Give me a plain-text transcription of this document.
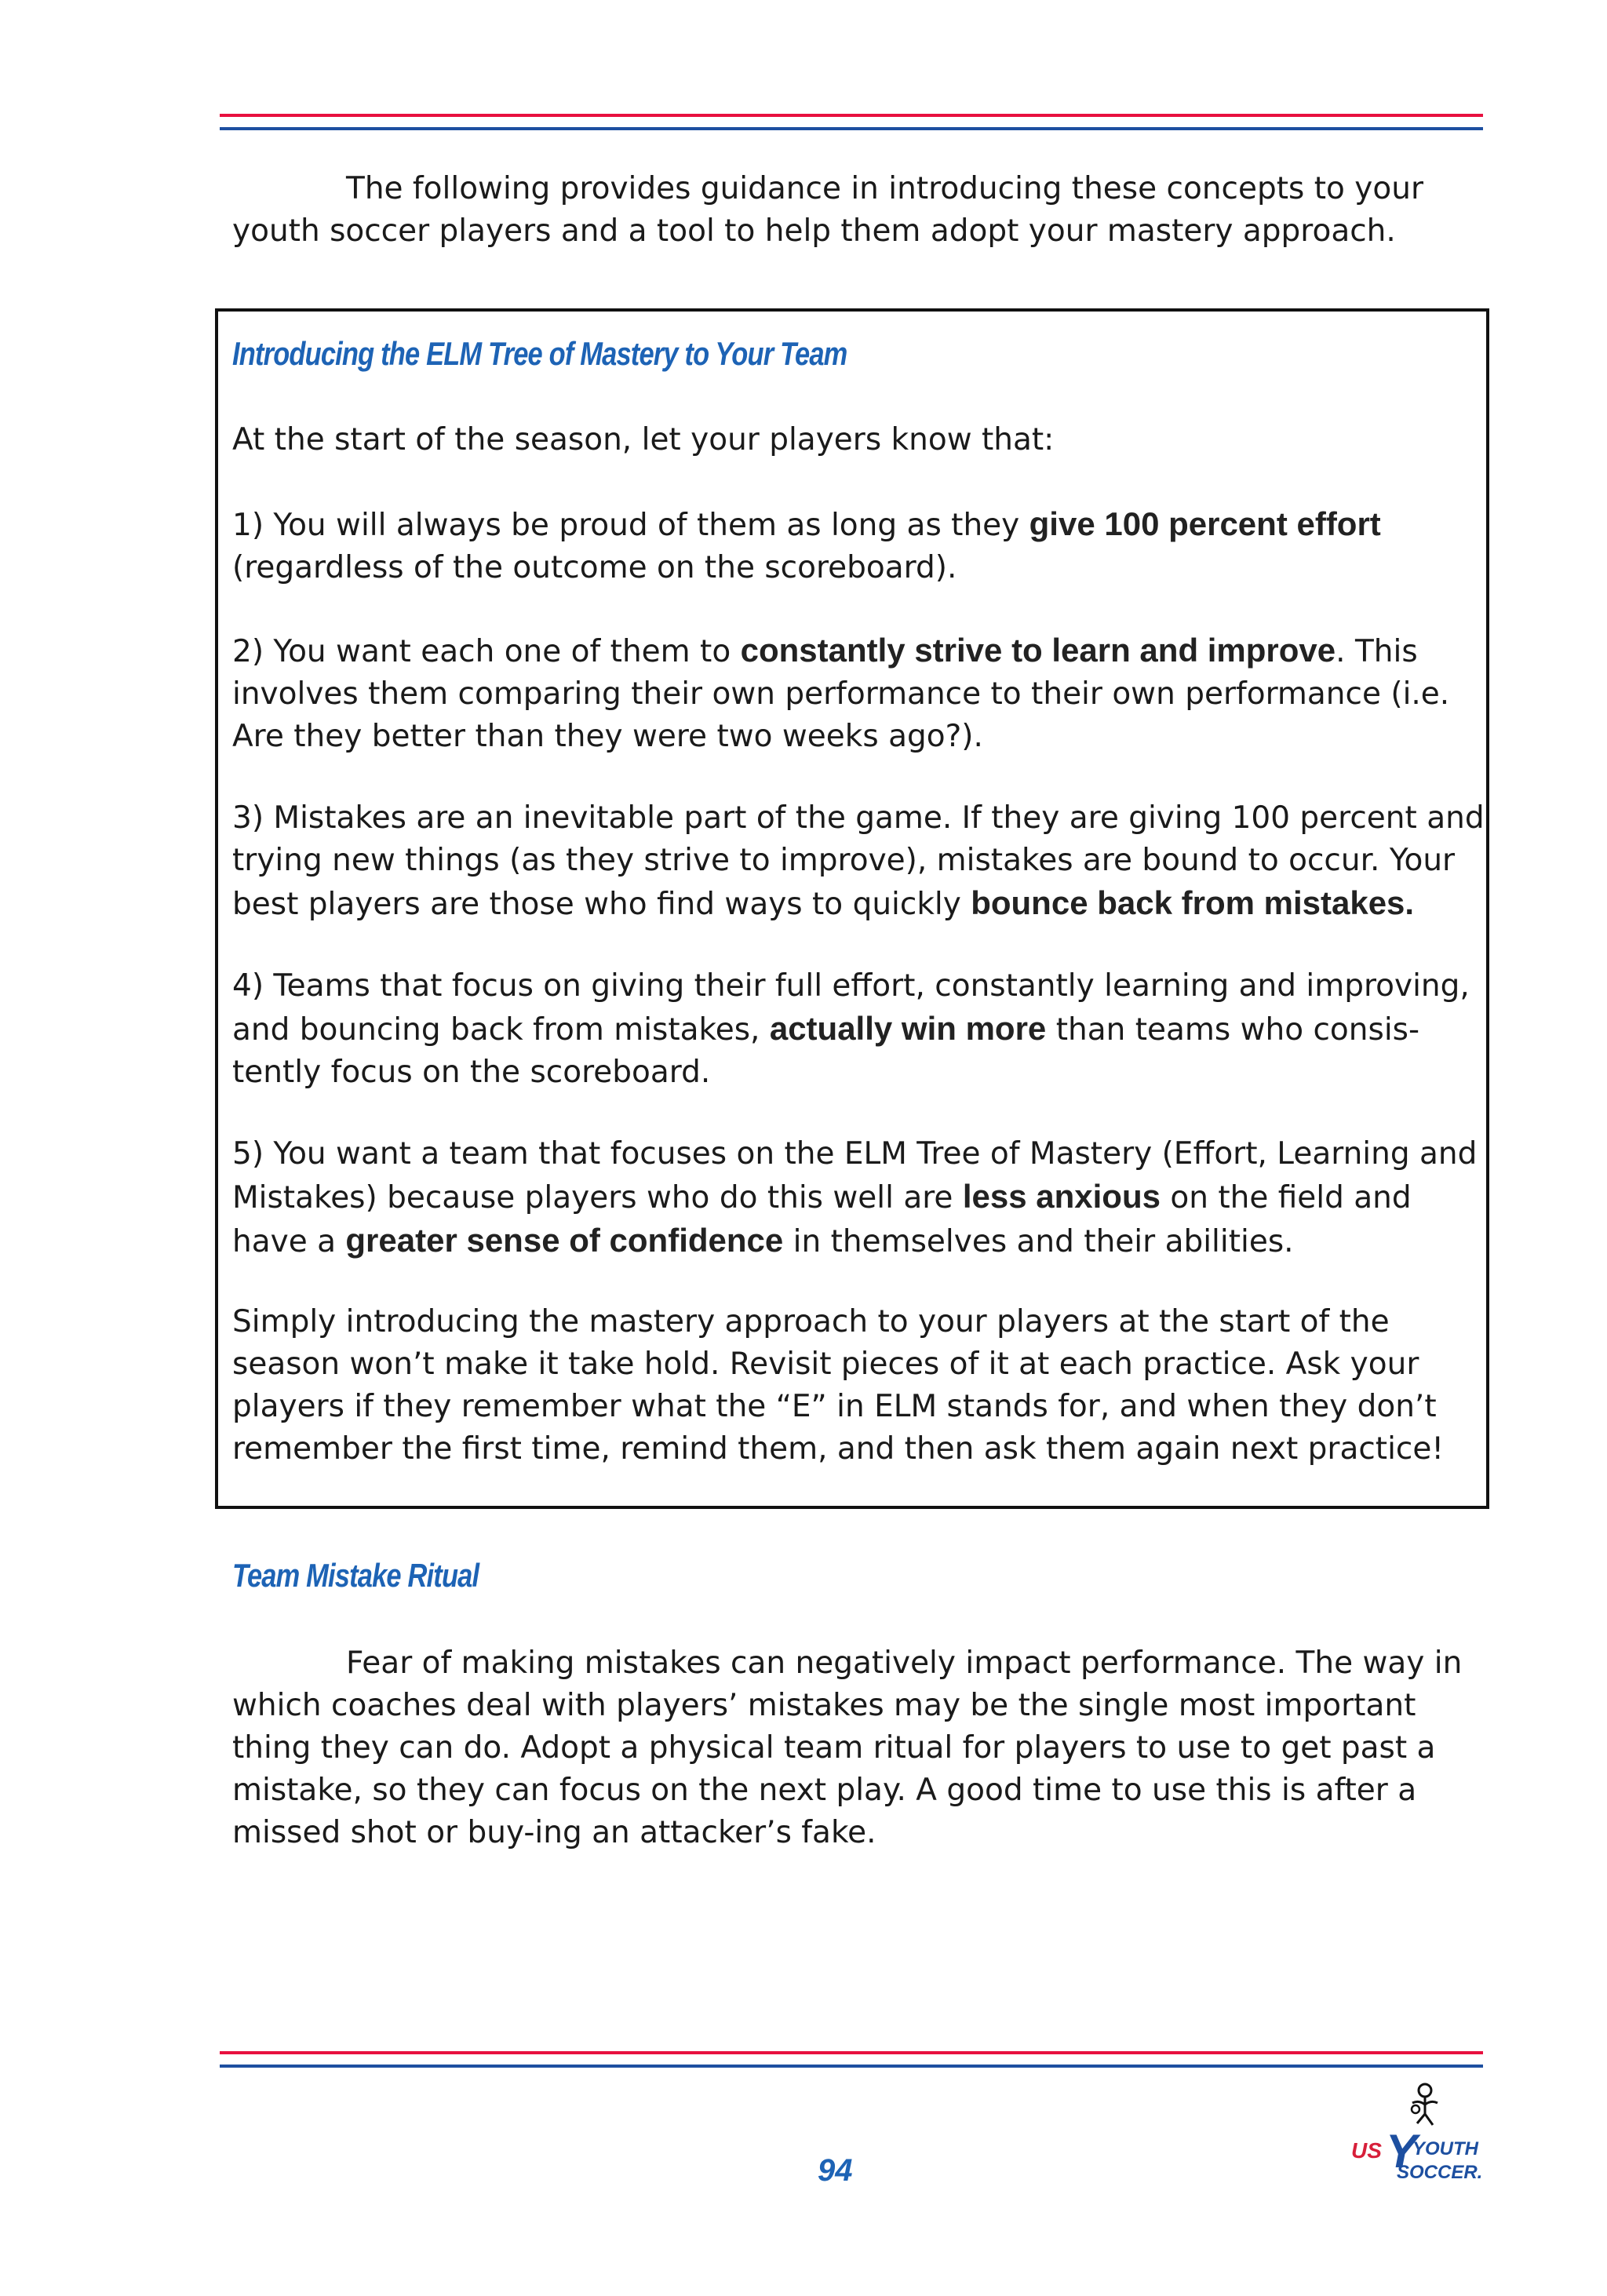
The following provides guidance in introducing these concepts to your youth soccer players and a tool to help them adopt your mastery approach.

Introducing the ELM Tree of Mastery to Your Team

At the start of the season, let your players know that:

1) You will always be proud of them as long as they give 100 percent effort
(regardless of the outcome on the scoreboard).

2) You want each one of them to constantly strive to learn and improve. This involves them comparing their own performance to their own performance (i.e. Are they better than they were two weeks ago?).

3) Mistakes are an inevitable part of the game. If they are giving 100 percent and trying new things (as they strive to improve), mistakes are bound to occur. Your best players are those who find ways to quickly bounce back from mistakes.

4) Teams that focus on giving their full effort, constantly learning and improving, and bouncing back from mistakes, actually win more than teams who consis-tently focus on the scoreboard.

5) You want a team that focuses on the ELM Tree of Mastery (Effort, Learning and Mistakes) because players who do this well are less anxious on the field and have a greater sense of confidence in themselves and their abilities.

Simply introducing the mastery approach to your players at the start of the season won’t make it take hold. Revisit pieces of it at each practice. Ask your players if they remember what the “E” in ELM stands for, and when they don’t remember the first time, remind them, and then ask them again next practice!

Team Mistake Ritual

Fear of making mistakes can negatively impact performance. The way in which coaches deal with players’ mistakes may be the single most important thing they can do. Adopt a physical team ritual for players to use to get past a mistake, so they can focus on the next play. A good time to use this is after a missed shot or buy-ing an attacker’s fake.

94
US Y
YOUTH
SOCCER.
